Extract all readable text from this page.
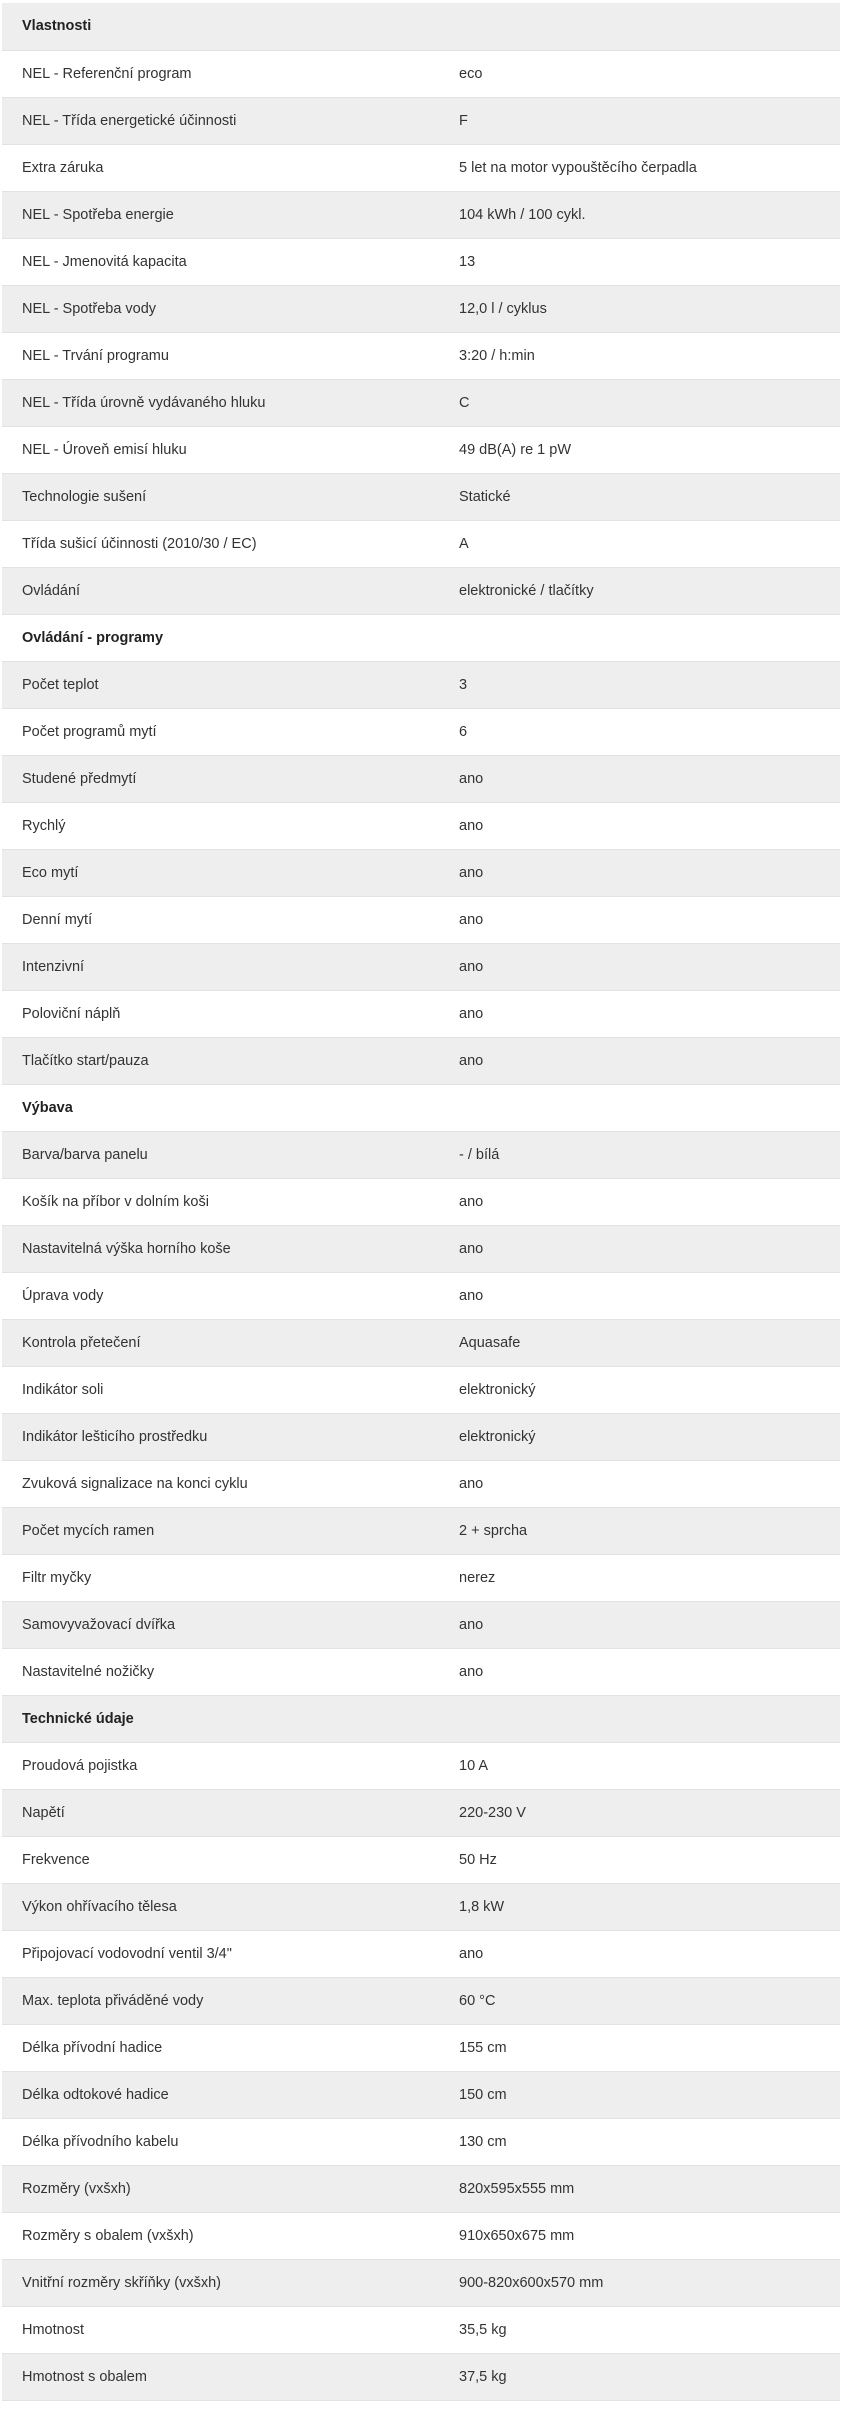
Vlastnosti	
NEL - Referenční program	eco
NEL - Třída energetické účinnosti	F
Extra záruka	5 let na motor vypouštěcího čerpadla
NEL - Spotřeba energie	104 kWh / 100 cykl.
NEL - Jmenovitá kapacita	13
NEL - Spotřeba vody	12,0 l / cyklus
NEL - Trvání programu	3:20 / h:min
NEL - Třída úrovně vydávaného hluku	C
NEL - Úroveň emisí hluku	49 dB(A) re 1 pW
Technologie sušení	Statické
Třída sušicí účinnosti (2010/30 / EC)	A
Ovládání	elektronické / tlačítky
Ovládání - programy	
Počet teplot	3
Počet programů mytí	6
Studené předmytí	ano
Rychlý	ano
Eco mytí	ano
Denní mytí	ano
Intenzivní	ano
Poloviční náplň	ano
Tlačítko start/pauza	ano
Výbava	
Barva/barva panelu	- / bílá
Košík na příbor v dolním koši	ano
Nastavitelná výška horního koše	ano
Úprava vody	ano
Kontrola přetečení	Aquasafe
Indikátor soli	elektronický
Indikátor lešticího prostředku	elektronický
Zvuková signalizace na konci cyklu	ano
Počet mycích ramen	2 + sprcha
Filtr myčky	nerez
Samovyvažovací dvířka	ano
Nastavitelné nožičky	ano
Technické údaje	
Proudová pojistka	10 A
Napětí	220-230 V
Frekvence	50 Hz
Výkon ohřívacího tělesa	1,8 kW
Připojovací vodovodní ventil 3/4"	ano
Max. teplota přiváděné vody	60 °C
Délka přívodní hadice	155 cm
Délka odtokové hadice	150 cm
Délka přívodního kabelu	130 cm
Rozměry (vxšxh)	820x595x555 mm
Rozměry s obalem (vxšxh)	910x650x675 mm
Vnitřní rozměry skříňky (vxšxh)	900-820x600x570 mm
Hmotnost	35,5 kg
Hmotnost s obalem	37,5 kg
